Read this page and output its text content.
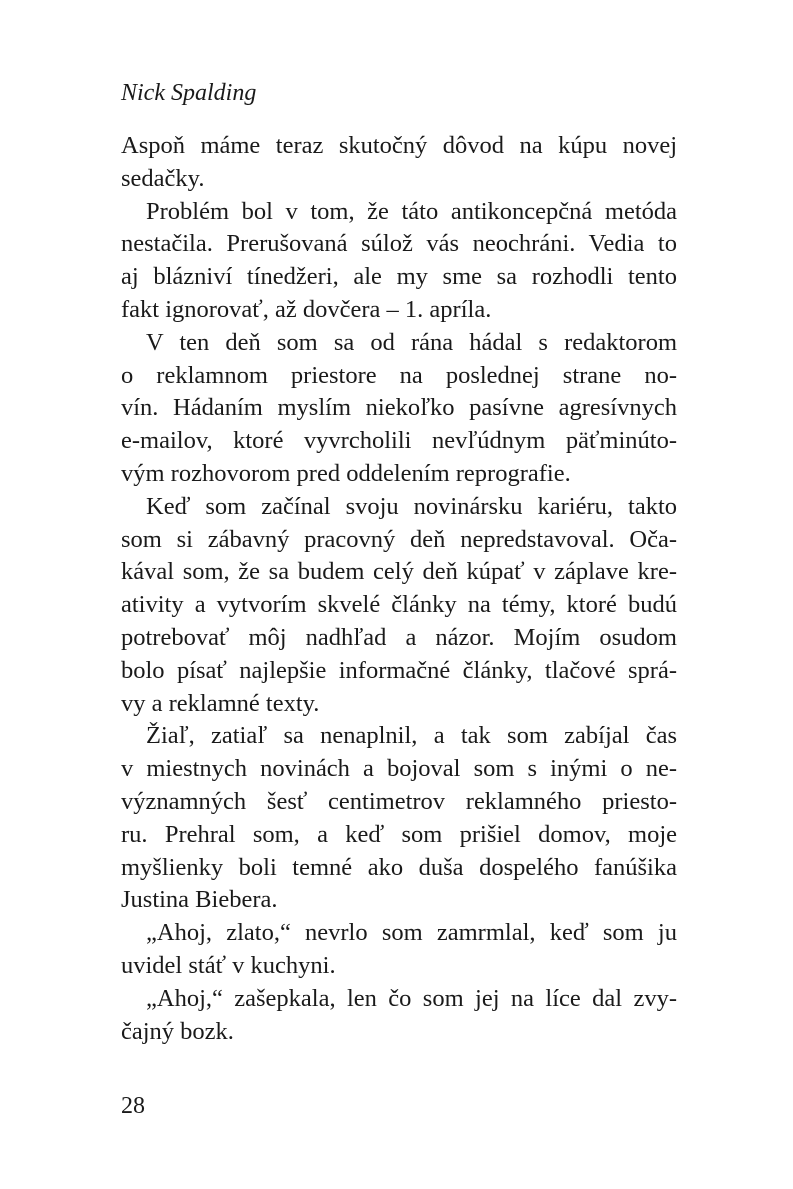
Nick Spalding
Aspoň máme teraz skutočný dôvod na kúpu novej
sedačky.
Problém bol v tom, že táto antikoncepčná metóda
nestačila. Prerušovaná súlož vás neochráni. Vedia to
aj blázniví tínedžeri, ale my sme sa rozhodli tento
fakt ignorovať, až dovčera – 1. apríla.
V ten deň som sa od rána hádal s redaktorom
o reklamnom priestore na poslednej strane no-
vín. Hádaním myslím niekoľko pasívne agresívnych
e-mailov, ktoré vyvrcholili nevľúdnym päťminúto-
vým rozhovorom pred oddelením reprografie.
Keď som začínal svoju novinársku kariéru, takto
som si zábavný pracovný deň nepredstavoval. Oča-
kával som, že sa budem celý deň kúpať v záplave kre-
ativity a vytvorím skvelé články na témy, ktoré budú
potrebovať môj nadhľad a názor. Mojím osudom
bolo písať najlepšie informačné články, tlačové sprá-
vy a reklamné texty.
Žiaľ, zatiaľ sa nenaplnil, a tak som zabíjal čas
v miestnych novinách a bojoval som s inými o ne-
významných šesť centimetrov reklamného priesto-
ru. Prehral som, a keď som prišiel domov, moje
myšlienky boli temné ako duša dospelého fanúšika
Justina Biebera.
„Ahoj, zlato,“ nevrlo som zamrmlal, keď som ju
uvidel stáť v kuchyni.
„Ahoj,“ zašepkala, len čo som jej na líce dal zvy-
čajný bozk.
28
